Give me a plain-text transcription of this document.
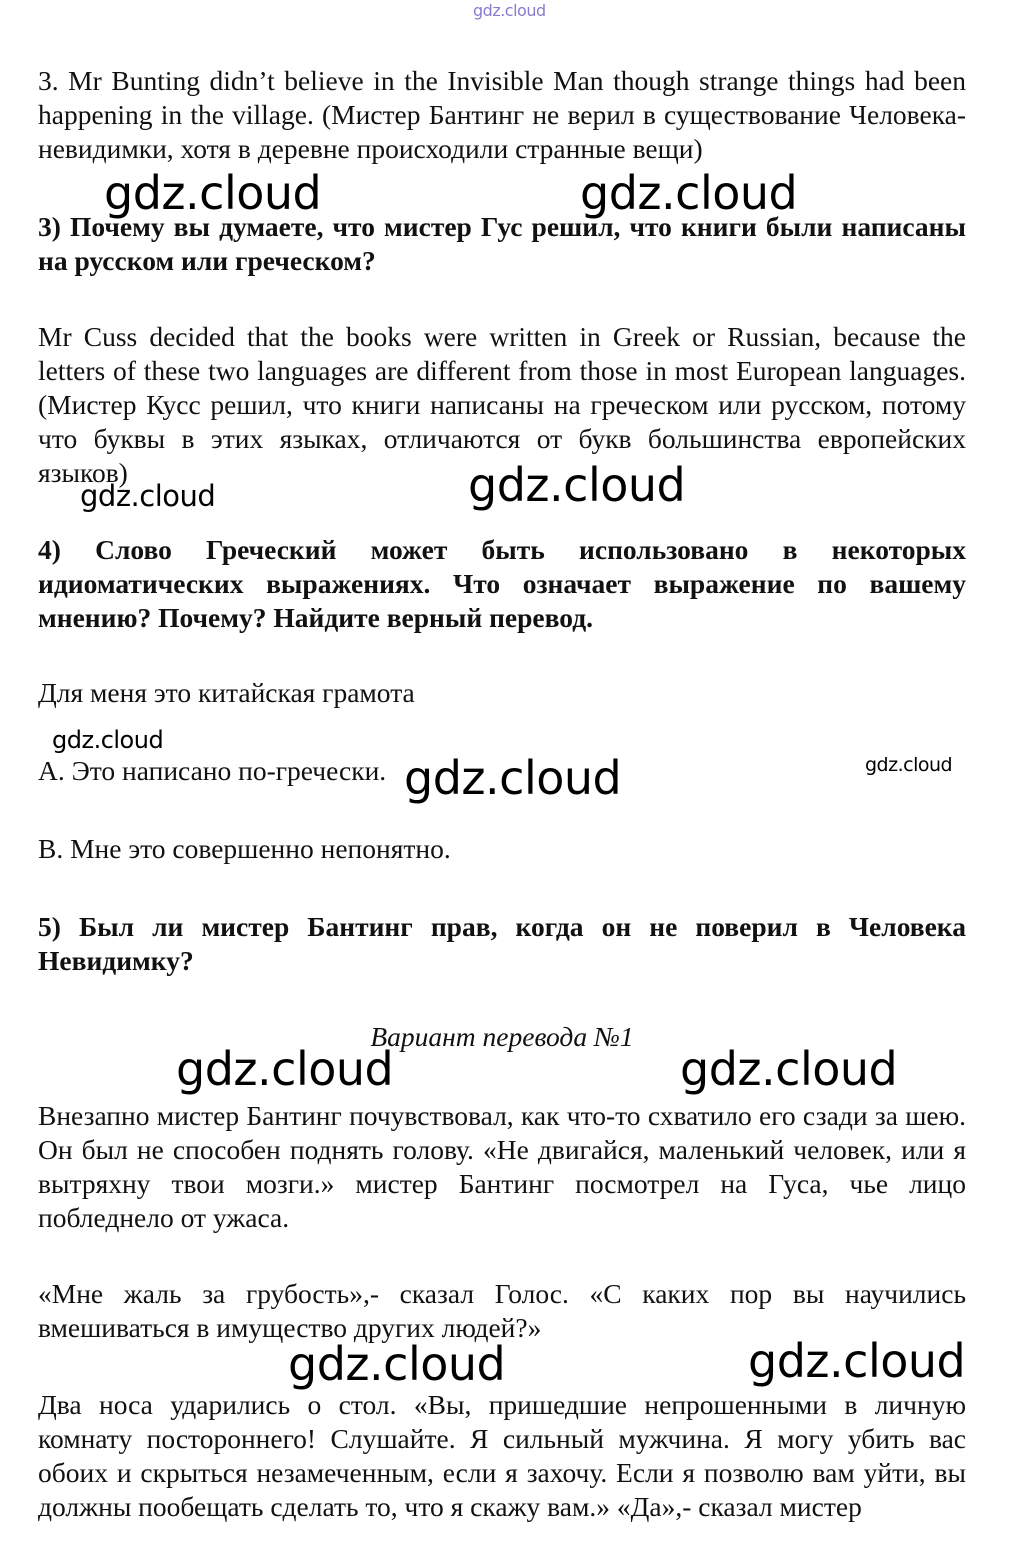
gdz.cloud
gdz.cloud	gdz.cloud
gdz.cloud
gdz.cloud
gdz.cloud
gdz.cloud	gdz.cloud
gdz.cloud	gdz.cloud
gdz.cloud	gdz.cloud

3. Mr Bunting didn’t believe in the Invisible Man though strange things had been happening in the village. (Мистер Бантинг не верил в существование Человека-невидимки, хотя в деревне происходили странные вещи)

3) Почему вы думаете, что мистер Гус решил, что книги были написаны на русском или греческом?

Mr Cuss decided that the books were written in Greek or Russian, because the letters of these two languages are different from those in most European languages. (Мистер Кусс решил, что книги написаны на греческом или русском, потому что буквы в этих языках, отличаются от букв большинства европейских языков)

4) Слово Греческий может быть использовано в некоторых идиоматических выражениях. Что означает выражение по вашему мнению? Почему? Найдите верный перевод.

Для меня это китайская грамота

A. Это написано по-гречески.

B. Мне это совершенно непонятно.

5) Был ли мистер Бантинг прав, когда он не поверил в Человека Невидимку?

Вариант перевода №1

Внезапно мистер Бантинг почувствовал, как что-то схватило его сзади за шею. Он был не способен поднять голову. «Не двигайся, маленький человек, или я вытряхну твои мозги.» мистер Бантинг посмотрел на Гуса, чье лицо побледнело от ужаса.

«Мне жаль за грубость»,- сказал Голос. «С каких пор вы научились вмешиваться в имущество других людей?»

Два носа ударились о стол. «Вы, пришедшие непрошенными в личную комнату постороннего! Слушайте. Я сильный мужчина. Я могу убить вас обоих и скрыться незамеченным, если я захочу. Если я позволю вам уйти, вы должны пообещать сделать то, что я скажу вам.» «Да»,- сказал мистер
